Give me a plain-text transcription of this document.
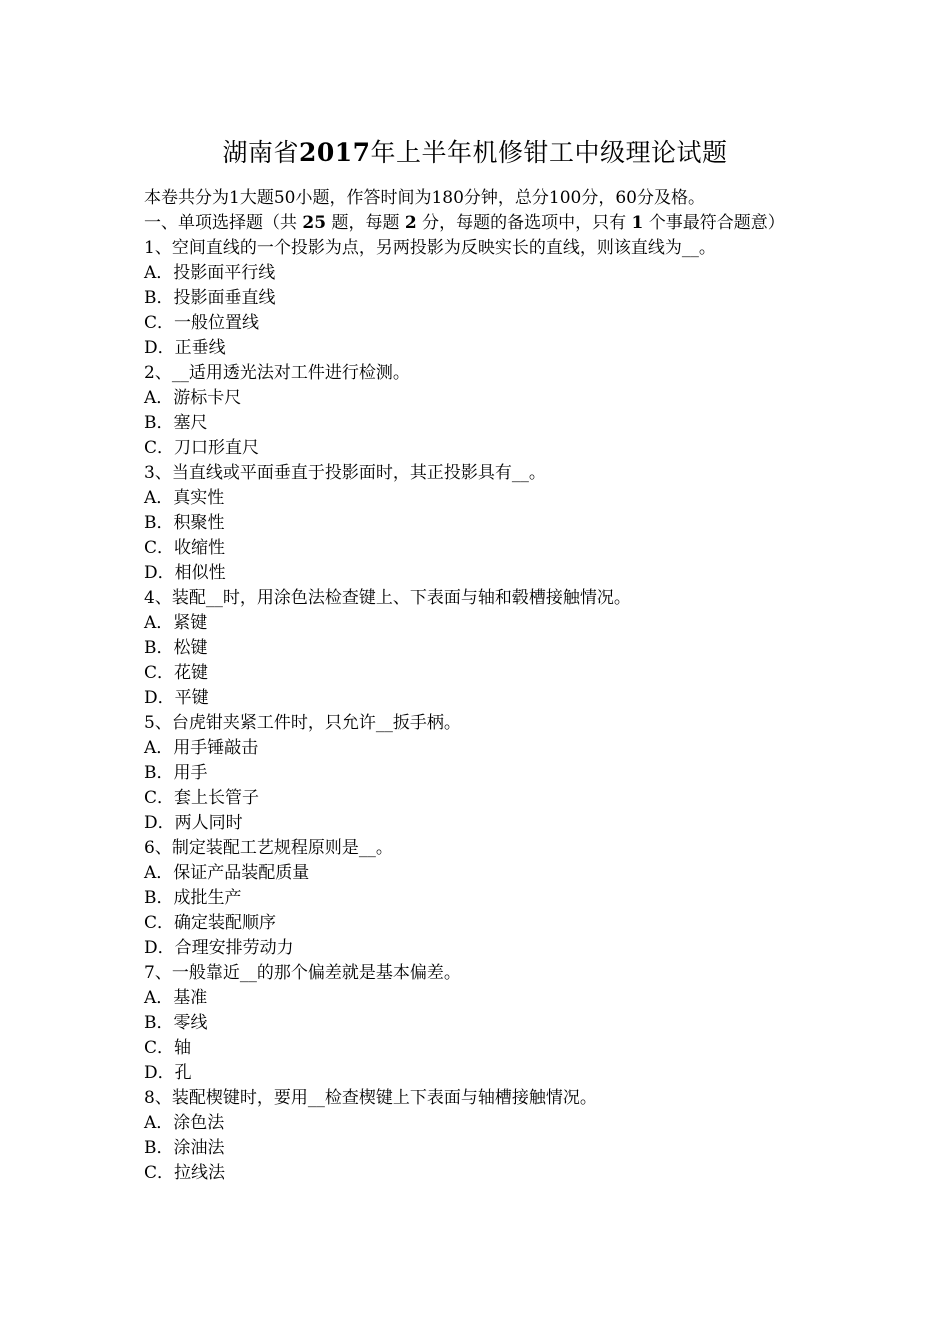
湖南省2017年上半年机修钳工中级理论试题
本卷共分为1大题50小题，作答时间为180分钟，总分100分，60分及格。
一、单项选择题（共 25 题，每题 2 分，每题的备选项中，只有 1 个事最符合题意）
1、空间直线的一个投影为点，另两投影为反映实长的直线，则该直线为__。
A．投影面平行线
B．投影面垂直线
C．一般位置线
D．正垂线
2、__适用透光法对工件进行检测。
A．游标卡尺
B．塞尺
C．刀口形直尺
3、当直线或平面垂直于投影面时，其正投影具有__。
A．真实性
B．积聚性
C．收缩性
D．相似性
4、装配__时，用涂色法检查键上、下表面与轴和毂槽接触情况。
A．紧键
B．松键
C．花键
D．平键
5、台虎钳夹紧工件时，只允许__扳手柄。
A．用手锤敲击
B．用手
C．套上长管子
D．两人同时
6、制定装配工艺规程原则是__。
A．保证产品装配质量
B．成批生产
C．确定装配顺序
D．合理安排劳动力
7、一般靠近__的那个偏差就是基本偏差。
A．基准
B．零线
C．轴
D．孔
8、装配楔键时，要用__检查楔键上下表面与轴槽接触情况。
A．涂色法
B．涂油法
C．拉线法
